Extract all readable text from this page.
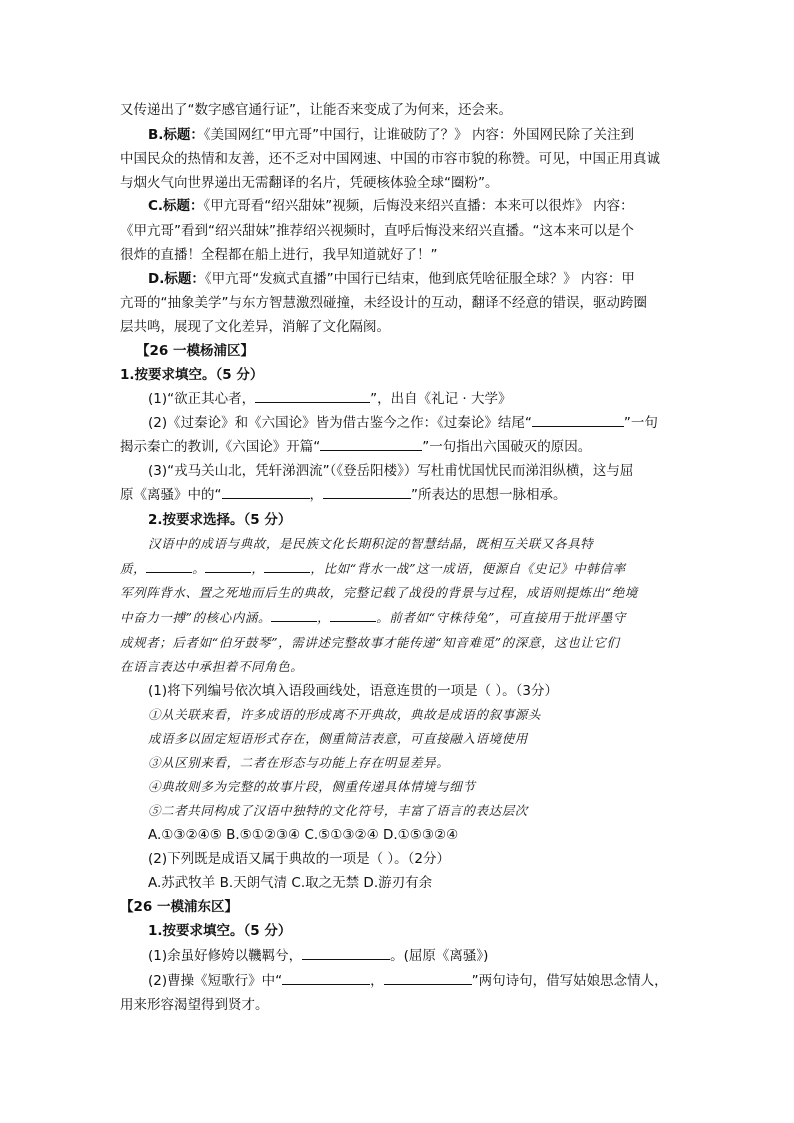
又传递出了“数字感官通行证”，让能否来变成了为何来，还会来。
B.标题：《美国网红“甲亢哥”中国行，让谁破防了？》 内容：外国网民除了关注到
中国民众的热情和友善，还不乏对中国网速、中国的市容市貌的称赞。可见，中国正用真诚
与烟火气向世界递出无需翻译的名片，凭硬核体验全球“圈粉”。
C.标题：《甲亢哥看“绍兴甜妹”视频，后悔没来绍兴直播：本来可以很炸》 内容：
《甲亢哥”看到“绍兴甜妹”推荐绍兴视频时，直呼后悔没来绍兴直播。“这本来可以是个
很炸的直播！全程都在船上进行，我早知道就好了！”
D.标题：《甲亢哥“发疯式直播”中国行已结束，他到底凭啥征服全球？》 内容：甲
亢哥的“抽象美学”与东方智慧激烈碰撞，未经设计的互动，翻译不经意的错误，驱动跨圈
层共鸣，展现了文化差异，消解了文化隔阂。
【26 一模杨浦区】
1.按要求填空。（5 分）
(1)“欲正其心者，	”，出自《礼记 · 大学》
(2)《过秦论》和《六国论》皆为借古鉴今之作：《过秦论》结尾“	”一句
揭示秦亡的教训,《六国论》开篇“	”一句指出六国破灭的原因。
(3)“戎马关山北，凭轩涕泗流”（《登岳阳楼》）写杜甫忧国忧民而涕泪纵横，这与屈
原《离骚》中的“	，	”所表达的思想一脉相承。
2.按要求选择。（5 分）
汉语中的成语与典故，是民族文化长期积淀的智慧结晶，既相互关联又各具特
质，	。	，	，比如“背水一战”这一成语，便源自《史记》中韩信率
军列阵背水、置之死地而后生的典故，完整记载了战役的背景与过程，成语则提炼出“绝境
中奋力一搏”的核心内涵。	，	。前者如“守株待兔”，可直接用于批评墨守
成规者；后者如“伯牙鼓琴”，需讲述完整故事才能传递“知音难觅”的深意，这也让它们
在语言表达中承担着不同角色。
(1)将下列编号依次填入语段画线处，语意连贯的一项是（ ）。（3分）
①从关联来看，许多成语的形成离不开典故，典故是成语的叙事源头
成语多以固定短语形式存在，侧重简洁表意，可直接融入语境使用
③从区别来看，二者在形态与功能上存在明显差异。
④典故则多为完整的故事片段，侧重传递具体情境与细节
⑤二者共同构成了汉语中独特的文化符号，丰富了语言的表达层次
A.①③②④⑤ B.⑤①②③④ C.⑤①③②④ D.①⑤③②④
(2)下列既是成语又属于典故的一项是（ ）。（2分）
A.苏武牧羊 B.天朗气清 C.取之无禁 D.游刃有余
【26 一模浦东区】
1.按要求填空。（5 分）
(1)余虽好修姱以鞿羁兮，	。(屈原《离骚》)
(2)曹操《短歌行》中“	，	”两句诗句，借写姑娘思念情人，
用来形容渴望得到贤才。
